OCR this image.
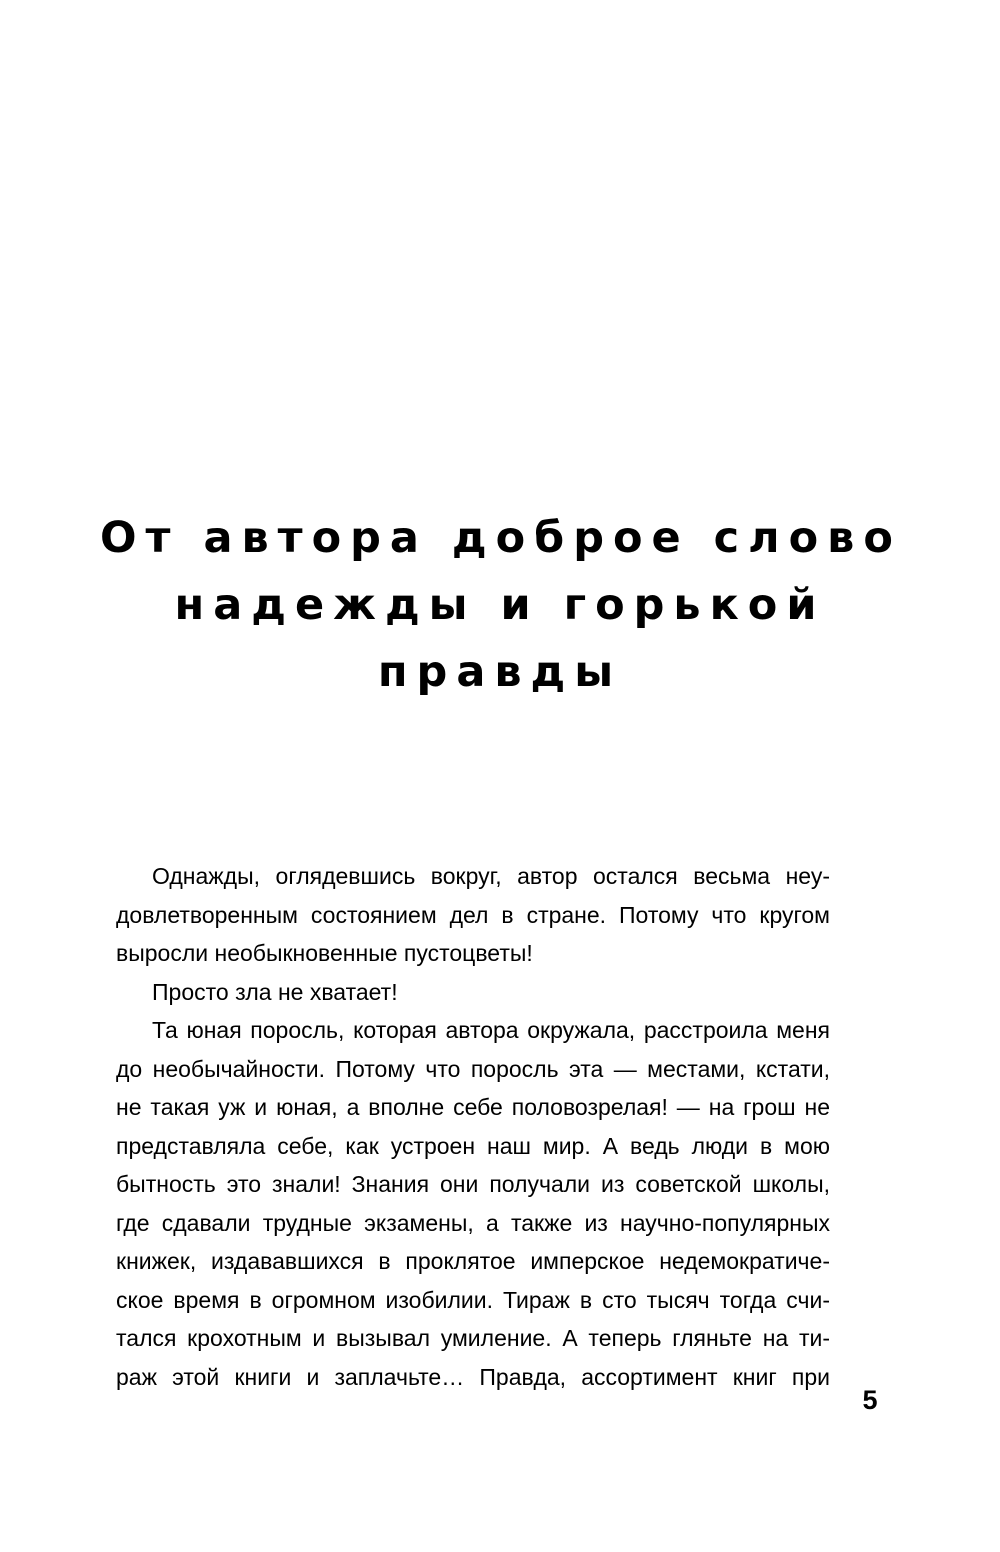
От автора доброе слово
надежды и горькой
правды

Однажды, оглядевшись вокруг, автор остался весьма неу-
довлетворенным состоянием дел в стране. Потому что кругом
выросли необыкновенные пустоцветы!

Просто зла не хватает!

Та юная поросль, которая автора окружала, расстроила меня
до необычайности. Потому что поросль эта — местами, кстати,
не такая уж и юная, а вполне себе половозрелая! — на грош не
представляла себе, как устроен наш мир. А ведь люди в мою
бытность это знали! Знания они получали из советской школы,
где сдавали трудные экзамены, а также из научно-популярных
книжек, издававшихся в проклятое имперское недемократиче-
ское время в огромном изобилии. Тираж в сто тысяч тогда счи-
тался крохотным и вызывал умиление. А теперь гляньте на ти-
раж этой книги и заплачьте… Правда, ассортимент книг при

5
